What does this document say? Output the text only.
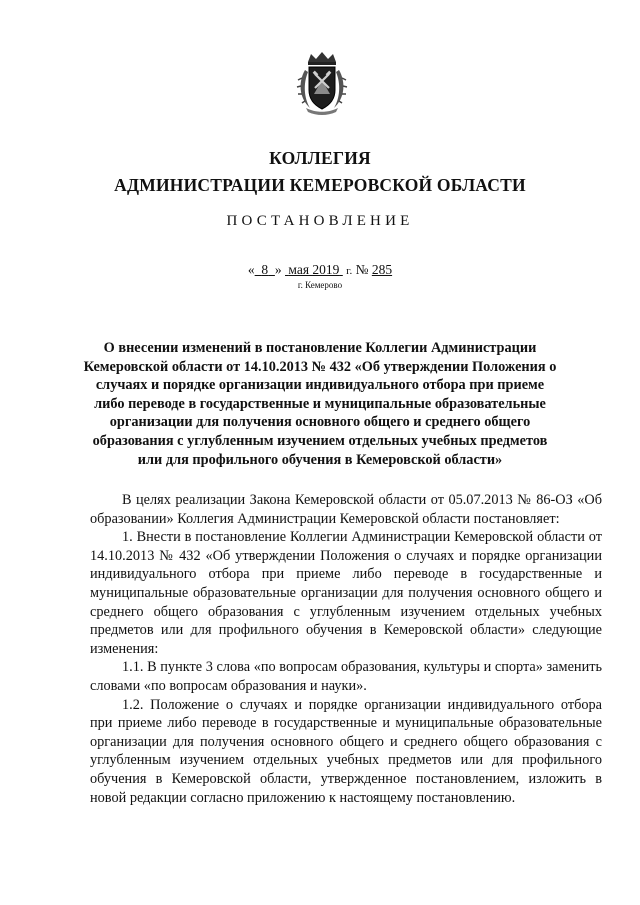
КОЛЛЕГИЯ
АДМИНИСТРАЦИИ КЕМЕРОВСКОЙ ОБЛАСТИ
ПОСТАНОВЛЕНИЕ
« 8 » мая 2019 г. № 285
г. Кемерово
О внесении изменений в постановление Коллегии Администрации Кемеровской области от 14.10.2013 № 432 «Об утверждении Положения о случаях и порядке организации индивидуального отбора при приеме либо переводе в государственные и муниципальные образовательные организации для получения основного общего и среднего общего образования с углубленным изучением отдельных учебных предметов или для профильного обучения в Кемеровской области»

В целях реализации Закона Кемеровской области от 05.07.2013 № 86-ОЗ «Об образовании» Коллегия Администрации Кемеровской области постановляет:

1. Внести в постановление Коллегии Администрации Кемеровской области от 14.10.2013 № 432 «Об утверждении Положения о случаях и порядке организации индивидуального отбора при приеме либо переводе в государственные и муниципальные образовательные организации для получения основного общего и среднего общего образования с углубленным изучением отдельных учебных предметов или для профильного обучения в Кемеровской области» следующие изменения:

1.1. В пункте 3 слова «по вопросам образования, культуры и спорта» заменить словами «по вопросам образования и науки».

1.2. Положение о случаях и порядке организации индивидуального отбора при приеме либо переводе в государственные и муниципальные образовательные организации для получения основного общего и среднего общего образования с углубленным изучением отдельных учебных предметов или для профильного обучения в Кемеровской области, утвержденное постановлением, изложить в новой редакции согласно приложению к настоящему постановлению.
